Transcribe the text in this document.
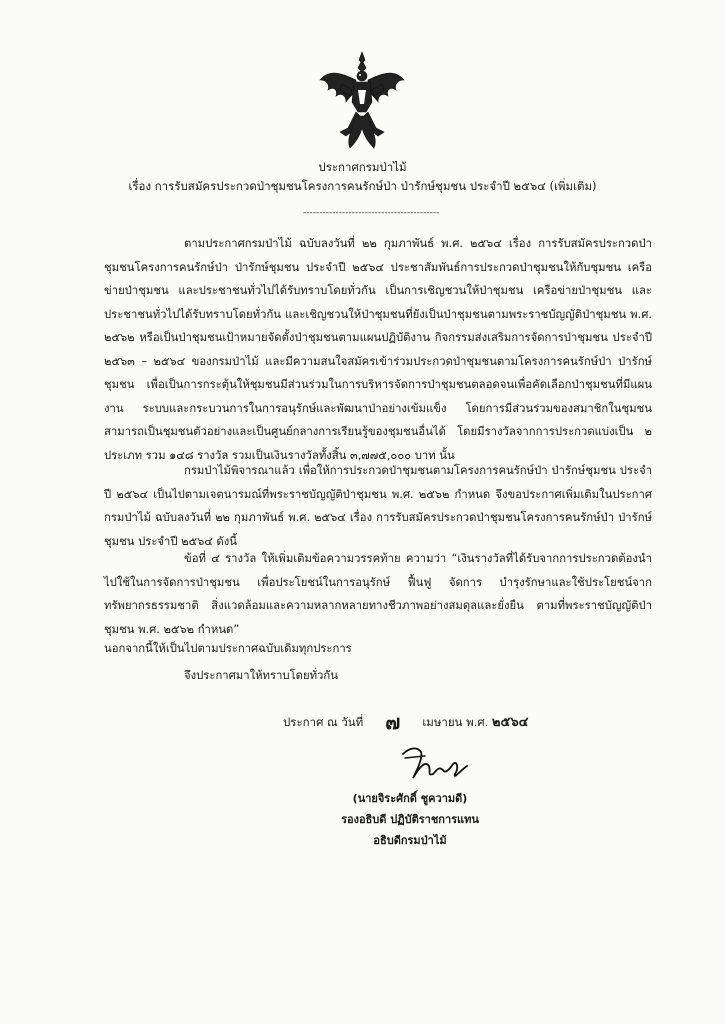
ประกาศกรมป่าไม้
เรื่อง การรับสมัครประกวดป่าชุมชนโครงการคนรักษ์ป่า ป่ารักษ์ชุมชน ประจำปี ๒๕๖๔ (เพิ่มเติม)
------------------------------------------
ตามประกาศกรมป่าไม้ ฉบับลงวันที่ ๒๒ กุมภาพันธ์ พ.ศ. ๒๕๖๔ เรื่อง การรับสมัครประกวดป่าชุมชนโครงการคนรักษ์ป่า ป่ารักษ์ชุมชน ประจำปี ๒๕๖๔ ประชาสัมพันธ์การประกวดป่าชุมชนให้กับชุมชน เครือข่ายป่าชุมชน และประชาชนทั่วไปได้รับทราบโดยทั่วกัน เป็นการเชิญชวนให้ป่าชุมชน เครือข่ายป่าชุมชน และประชาชนทั่วไปได้รับทราบโดยทั่วกัน และเชิญชวนให้ป่าชุมชนที่ยังเป็นป่าชุมชนตามพระราชบัญญัติป่าชุมชน พ.ศ. ๒๕๖๒ หรือเป็นป่าชุมชนเป้าหมายจัดตั้งป่าชุมชนตามแผนปฏิบัติงาน กิจกรรมส่งเสริมการจัดการป่าชุมชน ประจำปี ๒๕๖๓ – ๒๕๖๔ ของกรมป่าไม้ และมีความสนใจสมัครเข้าร่วมประกวดป่าชุมชนตามโครงการคนรักษ์ป่า ป่ารักษ์ชุมชน เพื่อเป็นการกระตุ้นให้ชุมชนมีส่วนร่วมในการบริหารจัดการป่าชุมชนตลอดจนเพื่อคัดเลือกป่าชุมชนที่มีแผนงาน ระบบและกระบวนการในการอนุรักษ์และพัฒนาป่าอย่างเข้มแข็ง โดยการมีส่วนร่วมของสมาชิกในชุมชน สามารถเป็นชุมชนตัวอย่างและเป็นศูนย์กลางการเรียนรู้ของชุมชนอื่นได้ โดยมีรางวัลจากการประกวดแบ่งเป็น ๒ ประเภท รวม ๑๔๘ รางวัล รวมเป็นเงินรางวัลทั้งสิ้น ๓,๗๗๕,๐๐๐ บาท นั้น
กรมป่าไม้พิจารณาแล้ว เพื่อให้การประกวดป่าชุมชนตามโครงการคนรักษ์ป่า ป่ารักษ์ชุมชน ประจำปี ๒๕๖๔ เป็นไปตามเจตนารมณ์ที่พระราชบัญญัติป่าชุมชน พ.ศ. ๒๕๖๒ กำหนด จึงขอประกาศเพิ่มเติมในประกาศกรมป่าไม้ ฉบับลงวันที่ ๒๒ กุมภาพันธ์ พ.ศ. ๒๕๖๔ เรื่อง การรับสมัครประกวดป่าชุมชนโครงการคนรักษ์ป่า ป่ารักษ์ชุมชน ประจำปี ๒๕๖๔ ดังนี้
ข้อที่ ๔ รางวัล ให้เพิ่มเติมข้อความวรรคท้าย ความว่า “เงินรางวัลที่ได้รับจากการประกวดต้องนำไปใช้ในการจัดการป่าชุมชน เพื่อประโยชน์ในการอนุรักษ์ ฟื้นฟู จัดการ บำรุงรักษาและใช้ประโยชน์จากทรัพยากรธรรมชาติ สิ่งแวดล้อมและความหลากหลายทางชีวภาพอย่างสมดุลและยั่งยืน ตามที่พระราชบัญญัติป่าชุมชน พ.ศ. ๒๕๖๒ กำหนด”
นอกจากนี้ให้เป็นไปตามประกาศฉบับเดิมทุกประการ
จึงประกาศมาให้ทราบโดยทั่วกัน
ประกาศ ณ วันที่ ๗ เมษายน พ.ศ. ๒๕๖๔
(นายจิระศักดิ์ ชูความดี)
รองอธิบดี ปฏิบัติราชการแทน
อธิบดีกรมป่าไม้
